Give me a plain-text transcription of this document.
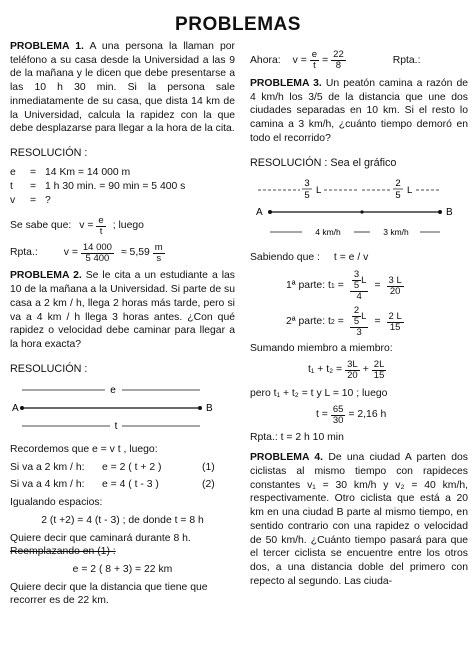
PROBLEMAS
PROBLEMA 1. A una persona la llaman por teléfono a su casa desde la Universidad a las 9 de la mañana y le dicen que debe presentarse a las 10 h 30 min. Si la persona sale inmediatamente de su casa, que dista 14 km de la Universidad, calcula la rapidez con la que debe desplazarse para llegar a la hora de la cita.
RESOLUCIÓN :
e	= 14 Km = 14 000 m
t	= 1 h 30 min. = 90 min = 5 400 s
v	= ?
Se sabe que: $v = \frac{e}{t}$ ; luego
Rpta.:	$v = \frac{14 000}{5 400} \approx 5,59 \frac{m}{s}$
PROBLEMA 2. Se le cita a un estudiante a las 10 de la mañana a la Universidad. Si parte de su casa a 2 km / h, llega 2 horas más tarde, pero si va a 4 km / h llega 3 horas antes. ¿Con qué rapidez o velocidad debe caminar para llegar a la hora exacta?
RESOLUCIÓN :
e
A	B
t
Recordemos que e = v t , luego:
Si va a 2 km / h:	e = 2 ( t + 2 )	(1)
Si va a 4 km / h:	e = 4 ( t - 3 )	(2)
Igualando espacios:
2 (t +2) = 4 (t - 3) ; de donde t = 8 h
Quiere decir que caminará durante 8 h.
Reemplazando en (1) :
e = 2 ( 8 + 3) = 22 km
Quiere decir que la distancia que tiene que recorrer es de 22 km.
Ahora: $v = \frac{e}{t} = \frac{22}{8}$	Rpta.:
PROBLEMA 3. Un peatón camina a razón de 4 km/h los 3/5 de la distancia que une dos ciudades separadas en 10 km. Si el resto lo camina a 3 km/h, ¿cuánto tiempo demoró en todo el recorrido?
RESOLUCIÓN : Sea el gráfico
3
5 L
2
5 L
A	B
4 km/h	3 km/h
Sabiendo que : t = e / v
1ª parte: t $1 = \frac{\frac{3}{5} L}{4} = \frac{3 L}{20}$
2ª parte: t $2 = \frac{\frac{2}{5} L}{3} = \frac{2 L}{15}$
Sumando miembro a miembro:
$t_1 + t_2 = \frac{3L}{20} + \frac{2L}{15}$
pero t₁ + t₂ = t y L = 10 ; luego
$t = \frac{65}{30} = 2,16$ h
Rpta.: t = 2 h 10 min
PROBLEMA 4. De una ciudad A parten dos ciclistas al mismo tiempo con rapideces constantes v₁ = 30 km/h y v₂ = 40 km/h, respectivamente. Otro ciclista que está a 20 km en una ciudad B parte al mismo tiempo, en sentido contrario con una rapidez o velocidad de 50 km/h. ¿Cuánto tiempo pasará para que el tercer ciclista se encuentre entre los otros dos, a una distancia doble del primero con repecto al segundo. Las ciuda-
